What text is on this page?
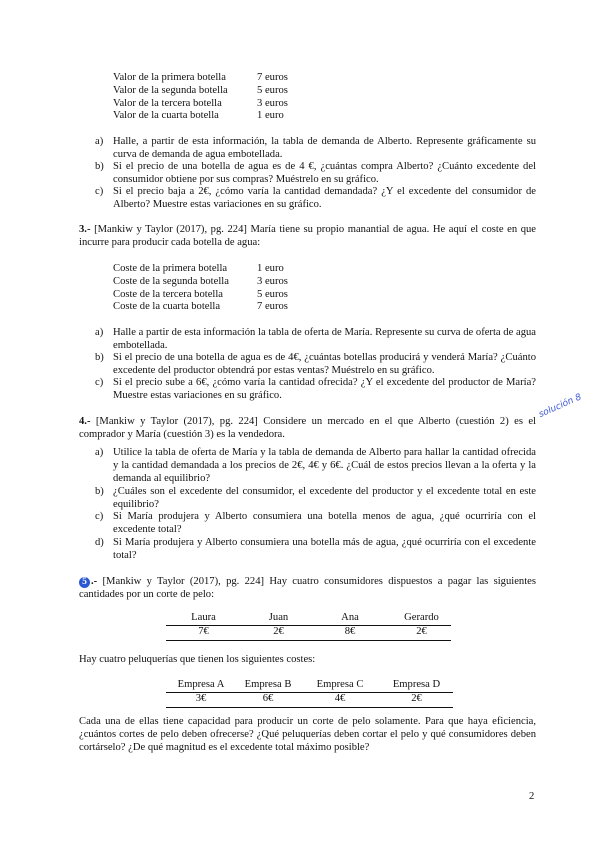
Valor de la primera botella	7 euros
Valor de la segunda botella	5 euros
Valor de la tercera botella	3 euros
Valor de la cuarta botella	1 euro
a) Halle, a partir de esta información, la tabla de demanda de Alberto. Represente gráficamente su curva de demanda de agua embotellada.
b) Si el precio de una botella de agua es de 4 €, ¿cuántas compra Alberto? ¿Cuánto excedente del consumidor obtiene por sus compras? Muéstrelo en su gráfico.
c) Si el precio baja a 2€, ¿cómo varía la cantidad demandada? ¿Y el excedente del consumidor de Alberto? Muestre estas variaciones en su gráfico.
3.- [Mankiw y Taylor (2017), pg. 224] María tiene su propio manantial de agua. He aquí el coste en que incurre para producir cada botella de agua:
Coste de la primera botella	1 euro
Coste de la segunda botella	3 euros
Coste de la tercera botella	5 euros
Coste de la cuarta botella	7 euros
a) Halle a partir de esta información la tabla de oferta de María. Represente su curva de oferta de agua embotellada.
b) Si el precio de una botella de agua es de 4€, ¿cuántas botellas producirá y venderá María? ¿Cuánto excedente del productor obtendrá por estas ventas? Muéstrelo en su gráfico.
c) Si el precio sube a 6€, ¿cómo varía la cantidad ofrecida? ¿Y el excedente del productor de María? Muestre estas variaciones en su gráfico.
4.- [Mankiw y Taylor (2017), pg. 224] Considere un mercado en el que Alberto (cuestión 2) es el comprador y María (cuestión 3) es la vendedora.
a) Utilice la tabla de oferta de María y la tabla de demanda de Alberto para hallar la cantidad ofrecida y la cantidad demandada a los precios de 2€, 4€ y 6€. ¿Cuál de estos precios llevan a la oferta y la demanda al equilibrio?
b) ¿Cuáles son el excedente del consumidor, el excedente del productor y el excedente total en este equilibrio?
c) Si María produjera y Alberto consumiera una botella menos de agua, ¿qué ocurriría con el excedente total?
d) Si María produjera y Alberto consumiera una botella más de agua, ¿qué ocurriría con el excedente total?
solución 8
5 .- [Mankiw y Taylor (2017), pg. 224] Hay cuatro consumidores dispuestos a pagar las siguientes cantidades por un corte de pelo:
Laura	Juan	Ana	Gerardo
7€	2€	8€	2€
Hay cuatro peluquerías que tienen los siguientes costes:
Empresa A	Empresa B	Empresa C	Empresa D
3€	6€	4€	2€
Cada una de ellas tiene capacidad para producir un corte de pelo solamente. Para que haya eficiencia, ¿cuántos cortes de pelo deben ofrecerse? ¿Qué peluquerías deben cortar el pelo y qué consumidores deben cortárselo? ¿De qué magnitud es el excedente total máximo posible?
2
